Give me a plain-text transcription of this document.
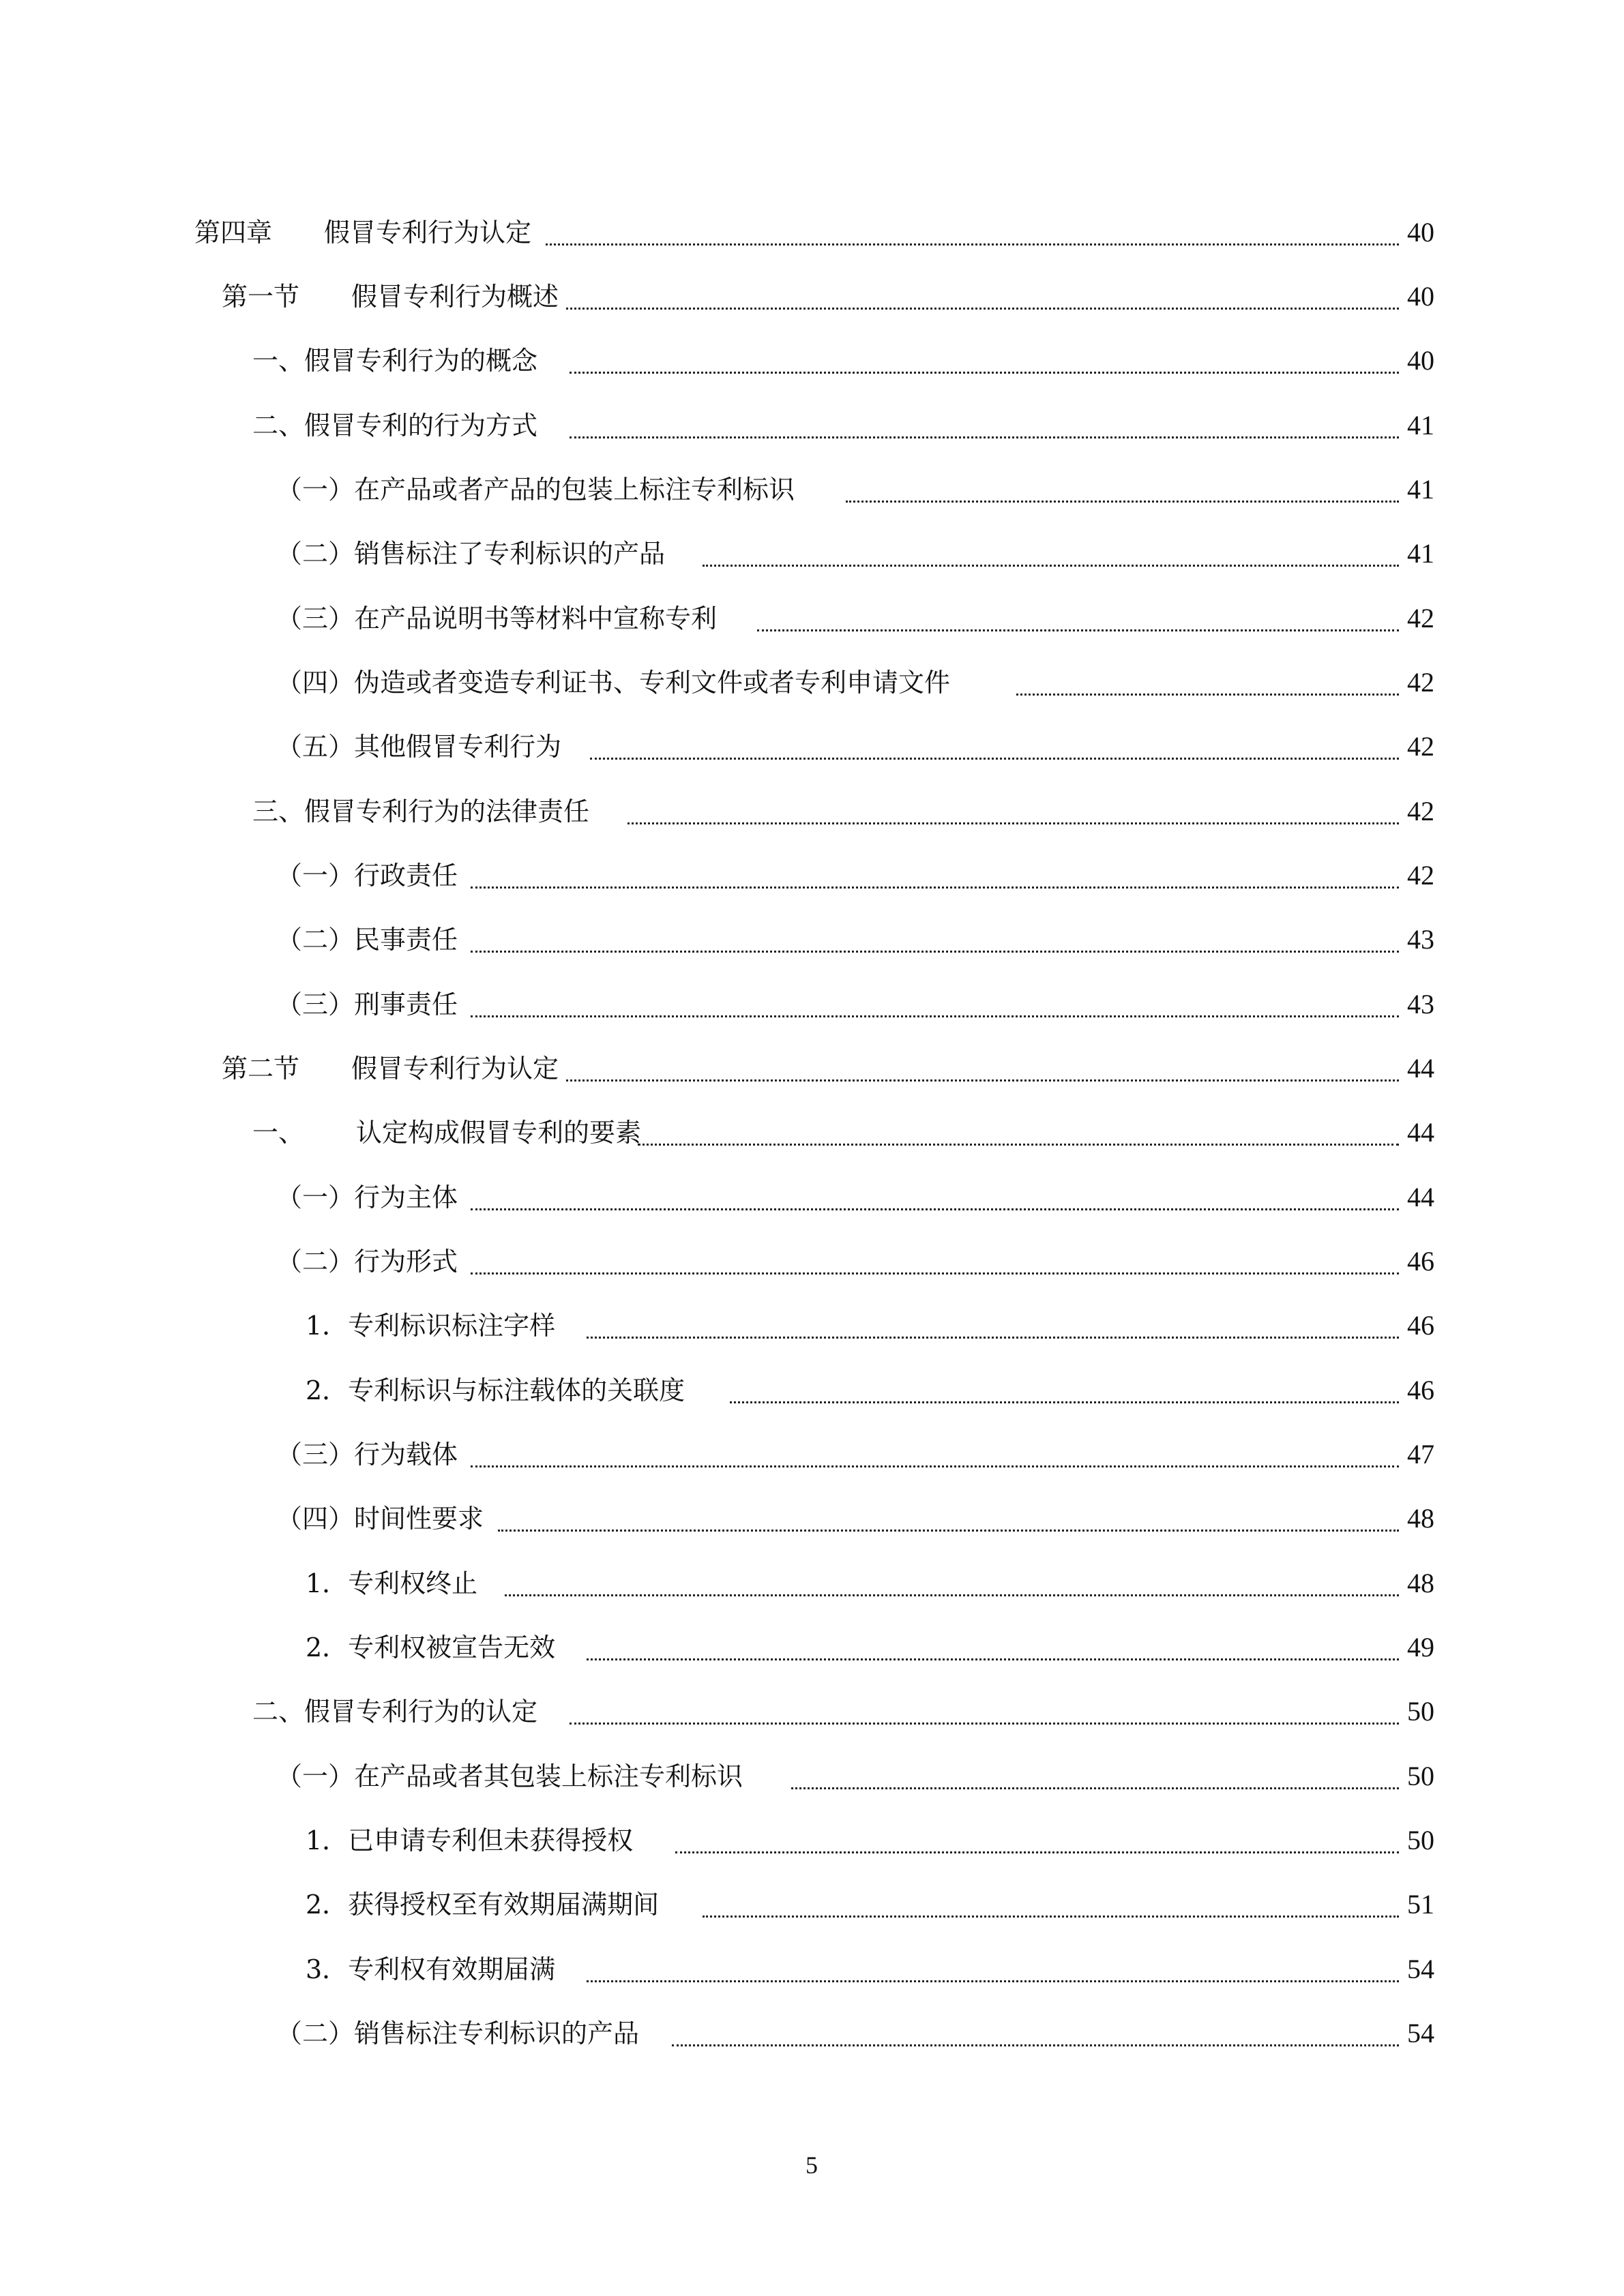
第四章 假冒专利行为认定	40
第一节 假冒专利行为概述	40
一、假冒专利行为的概念	40
二、假冒专利的行为方式	41
（一）在产品或者产品的包装上标注专利标识	41
（二）销售标注了专利标识的产品	41
（三）在产品说明书等材料中宣称专利	42
（四）伪造或者变造专利证书、专利文件或者专利申请文件	42
（五）其他假冒专利行为	42
三、假冒专利行为的法律责任	42
（一）行政责任	42
（二）民事责任	43
（三）刑事责任	43
第二节 假冒专利行为认定	44
一、 认定构成假冒专利的要素	44
（一）行为主体	44
（二）行为形式	46
1．专利标识标注字样	46
2．专利标识与标注载体的关联度	46
（三）行为载体	47
（四）时间性要求	48
1．专利权终止	48
2．专利权被宣告无效	49
二、假冒专利行为的认定	50
（一）在产品或者其包装上标注专利标识	50
1．已申请专利但未获得授权	50
2．获得授权至有效期届满期间	51
3．专利权有效期届满	54
（二）销售标注专利标识的产品	54
5
